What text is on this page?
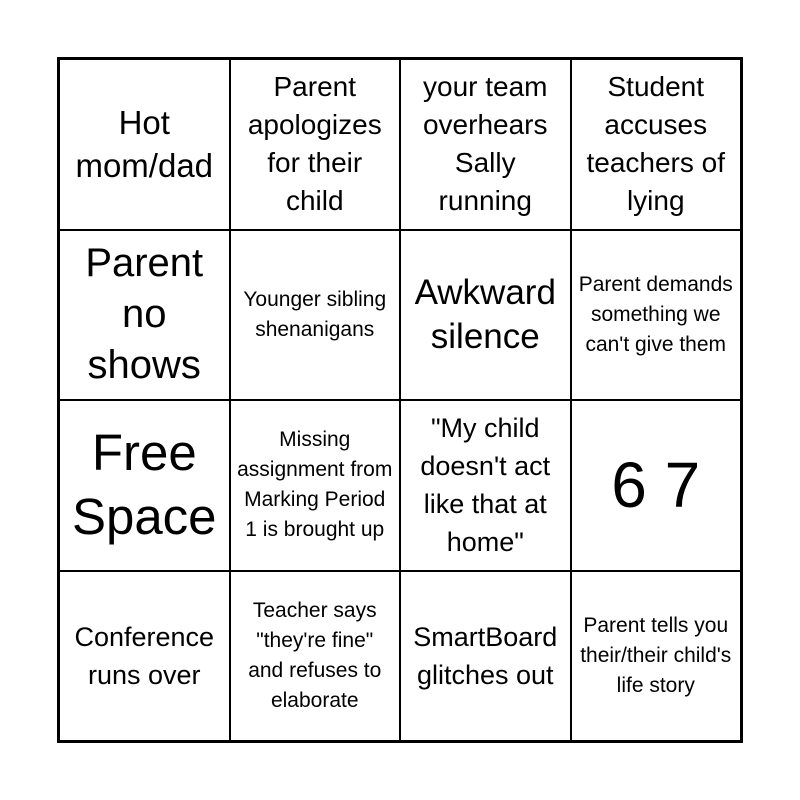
Hot mom/dad
Parent apologizes for their child
your team overhears Sally running
Student accuses teachers of lying
Parent no shows
Younger sibling shenanigans
Awkward silence
Parent demands something we can't give them
Free Space
Missing assignment from Marking Period 1 is brought up
"My child doesn't act like that at home"
6 7
Conference runs over
Teacher says "they're fine" and refuses to elaborate
SmartBoard glitches out
Parent tells you their/their child's life story
